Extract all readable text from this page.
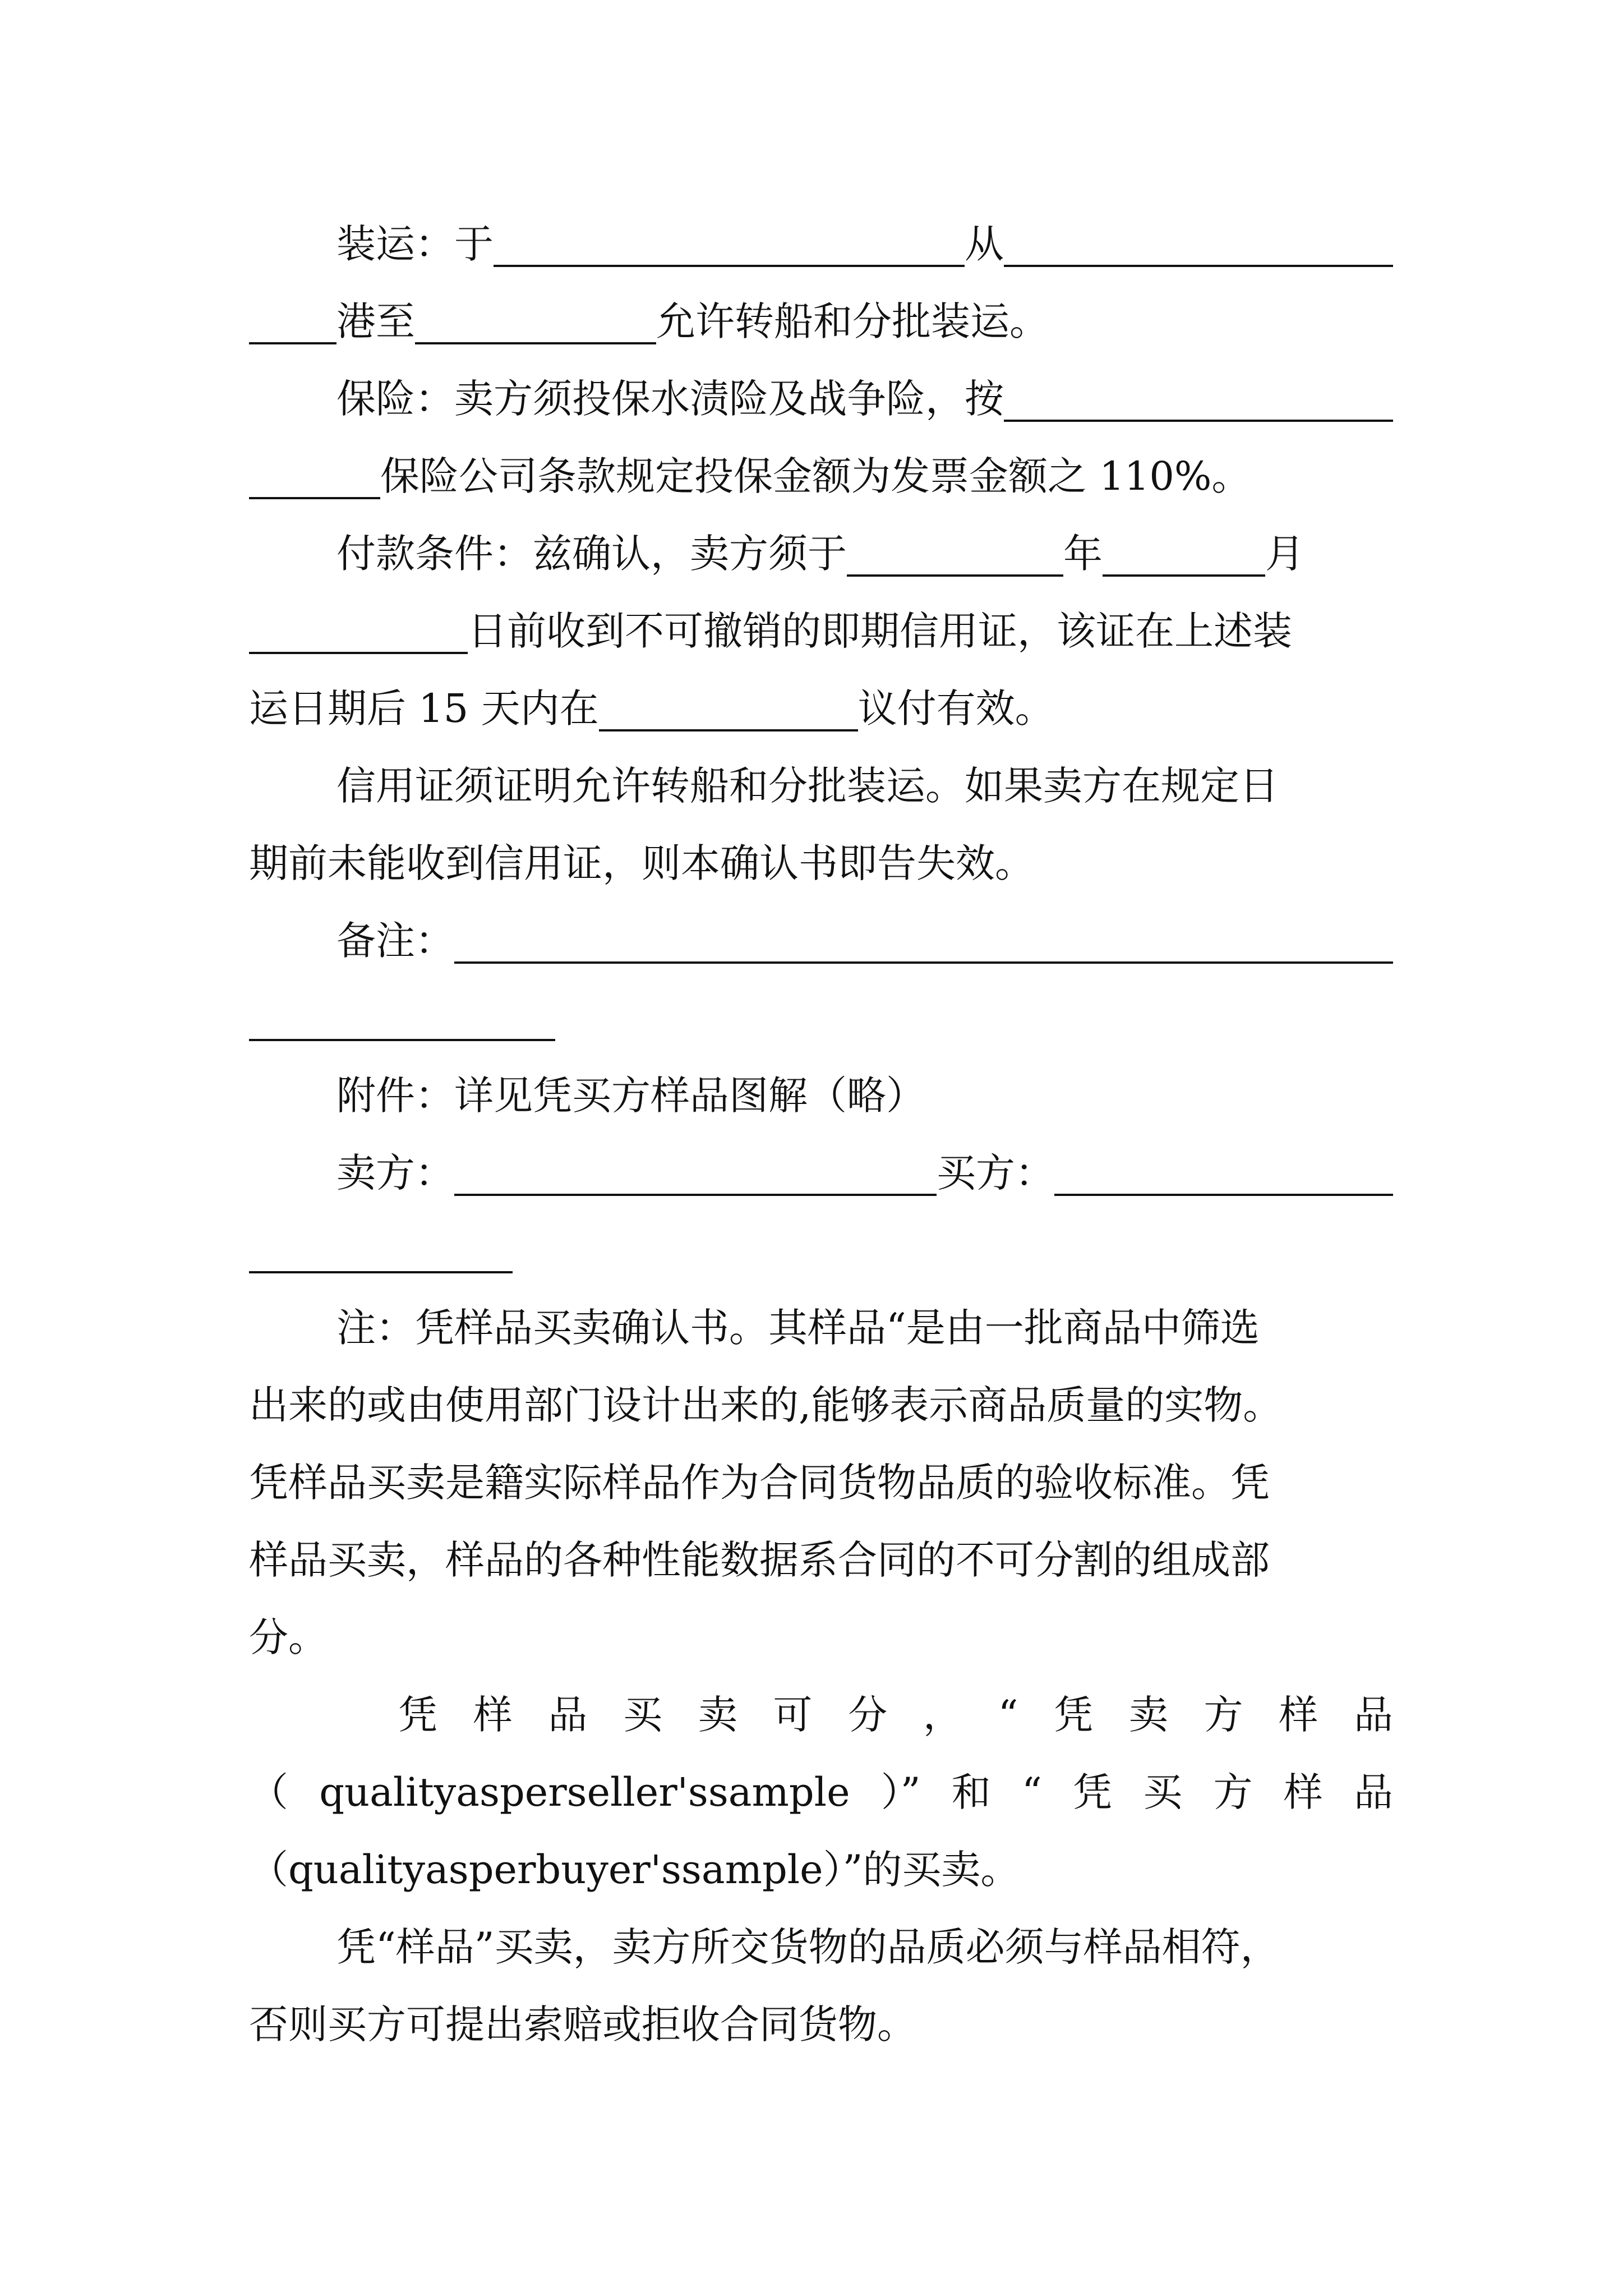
装运：于	从
港至	允许转船和分批装运。
保险：卖方须投保水渍险及战争险，按
保险公司条款规定投保金额为发票金额之 110%。
付款条件：兹确认，卖方须于	年	月
日前收到不可撤销的即期信用证，该证在上述装
运日期后 15 天内在	议付有效。
信用证须证明允许转船和分批装运。如果卖方在规定日
期前未能收到信用证，则本确认书即告失效。
备注：
附件：详见凭买方样品图解（略）
卖方：	买方：
注：凭样品买卖确认书。其样品“是由一批商品中筛选
出来的或由使用部门设计出来的,能够表示商品质量的实物。
凭样品买卖是籍实际样品作为合同货物品质的验收标准。凭
样品买卖，样品的各种性能数据系合同的不可分割的组成部
分。
凭 样 品 买 卖 可 分 ， “ 凭 卖 方 样 品
（ qualityasperseller'ssample ）” 和 “ 凭 买 方 样 品
（qualityasperbuyer'ssample）”的买卖。
凭“样品”买卖，卖方所交货物的品质必须与样品相符，
否则买方可提出索赔或拒收合同货物。
